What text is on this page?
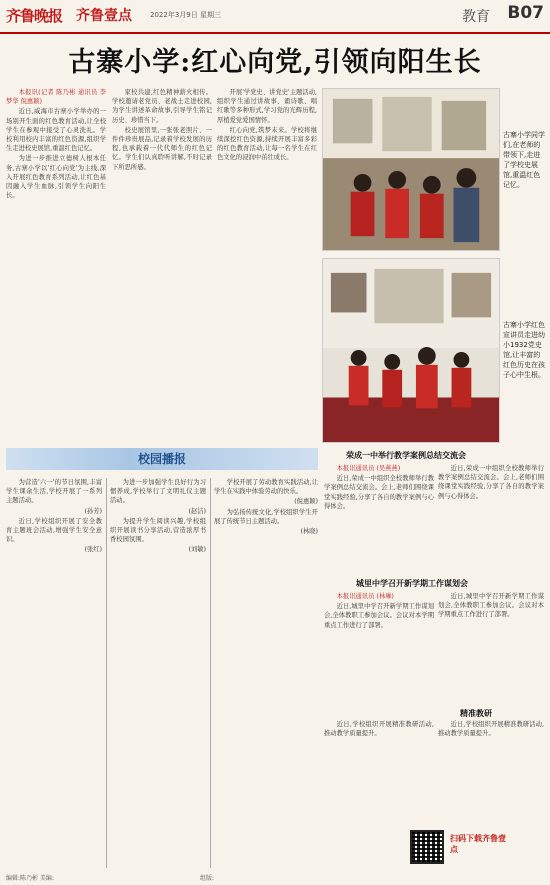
齐鲁晚报 齐鲁壹点	2022年3月9日 星期三	教育 B07
古寨小学:红心向党,引领向阳生长

本报讯(记者 陈乃彬 通讯员 李梦华 倪惠颖)

近日,威海市古寨小学举办的一场别开生面的红色教育活动,让全校学生在参观中接受了心灵洗礼。学校利用校内丰富的红色资源,组织学生走进校史展馆,重温红色记忆。

为进一步推进立德树人根本任务,古寨小学以'红心向党'为主线,深入开展红色教育系列活动,让红色基因融入学生血脉,引领学生向阳生长。

家校共建,红色精神薪火相传。学校邀请老党员、老战士走进校园,为学生讲述革命故事,引导学生铭记历史、珍惜当下。

校史展馆里,一张张老照片、一件件珍贵展品,记录着学校发展的历程,也承载着一代代师生的红色记忆。学生们认真聆听讲解,不时记录下所思所感。

开展'学党史、讲党史'主题活动,组织学生通过讲故事、诵诗歌、唱红歌等多种形式,学习党的光辉历程,厚植爱党爱国情怀。

红心向党,筑梦未来。学校将继续深挖红色资源,持续开展丰富多彩的红色教育活动,让每一名学生在红色文化的浸润中茁壮成长。

古寨小学同学们,在老师的带领下,走进了学校史展馆,重温红色记忆。
古寨小学红色宣讲员走进幼小1932党史馆,让丰富的红色历史在孩子心中生根。
校园播报

为营造'六一'的节日氛围,丰富学生课余生活,学校开展了一系列主题活动。

(孙芳)

近日,学校组织开展了安全教育主题班会活动,增强学生安全意识。

(张红)

为进一步加强学生良好行为习惯养成,学校举行了文明礼仪主题活动。

(赵洁)

为提升学生阅读兴趣,学校组织开展读书分享活动,营造浓厚书香校园氛围。

(刘敏)

学校开展了劳动教育实践活动,让学生在实践中体验劳动的快乐。

(倪惠颖)

为弘扬传统文化,学校组织学生开展了传统节日主题活动。

(林晓)

荣成一中举行教学案例总结交流会

本报讯通讯员 (吴燕燕)

近日,荣成一中组织全校教师举行教学案例总结交流会。会上,老师们围绕课堂实践经验,分享了各自的教学案例与心得体会。

近日,荣成一中组织全校教师举行教学案例总结交流会。会上,老师们围绕课堂实践经验,分享了各自的教学案例与心得体会。

城里中学召开新学期工作谋划会

本报讯通讯员 (林琳)

近日,城里中学召开新学期工作谋划会,全体教职工参加会议。会议对本学期重点工作进行了部署。

近日,城里中学召开新学期工作谋划会,全体教职工参加会议。会议对本学期重点工作进行了部署。

精准教研

近日,学校组织开展精准教研活动,推动教学质量提升。

近日,学校组织开展精准教研活动,推动教学质量提升。

扫码下载齐鲁壹点
编辑:陈乃彬 美编:	组版:
